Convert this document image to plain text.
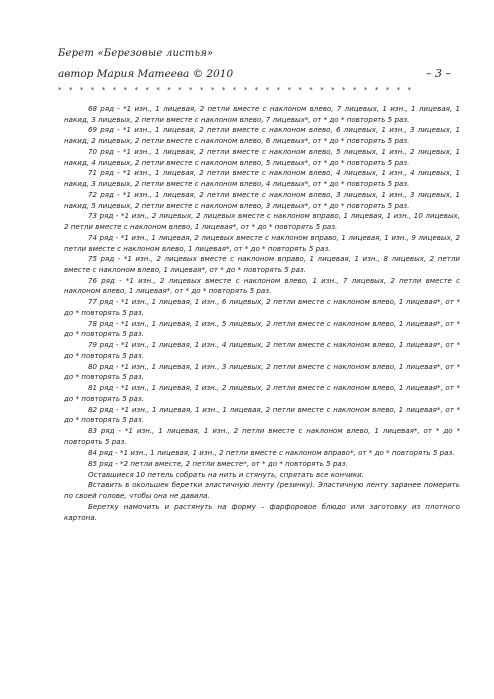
Берет «Березовые листья»
автор Мария Матеева © 2010	– 3 –
* * * * * * * * * * * * * * * * * * * * * * * * * * * * * * * * *

68 ряд - *1 изн., 1 лицевая, 2 петли вместе с наклоном влево, 7 лицевых, 1 изн., 1 лицевая, 1 накид, 3 лицевых, 2 петли вместе с наклоном влево, 7 лицевых*, от * до * повторять 5 раз.

69 ряд - *1 изн., 1 лицевая, 2 петли вместе с наклоном влево, 6 лицевых, 1 изн., 3 лицевых, 1 накид, 2 лицевых, 2 петли вместе с наклоном влево, 6 лицевых*, от * до * повторять 5 раз.

70 ряд - *1 изн., 1 лицевая, 2 петли вместе с наклоном влево, 5 лицевых, 1 изн., 2 лицевых, 1 накид, 4 лицевых, 2 петли вместе с наклоном влево, 5 лицевых*, от * до * повторять 5 раз.

71 ряд - *1 изн., 1 лицевая, 2 петли вместе с наклоном влево, 4 лицевых, 1 изн., 4 лицевых, 1 накид, 3 лицевых, 2 петли вместе с наклоном влево, 4 лицевых*, от * до * повторять 5 раз.

72 ряд - *1 изн., 1 лицевая, 2 петли вместе с наклоном влево, 3 лицевых, 1 изн., 3 лицевых, 1 накид, 5 лицевых, 2 петли вместе с наклоном влево, 3 лицевых*, от * до * повторять 5 раз.

73 ряд - *1 изн., 2 лицевых, 2 лицевых вместе с наклоном вправо, 1 лицевая, 1 изн., 10 лицевых, 2 петли вместе с наклоном влево, 1 лицевая*, от * до * повторять 5 раз.

74 ряд - *1 изн., 1 лицевая, 2 лицевых вместе с наклоном вправо, 1 лицевая, 1 изн., 9 лицевых, 2 петли вместе с наклоном влево, 1 лицевая*, от * до * повторять 5 раз.

75 ряд - *1 изн., 2 лицевых вместе с наклоном вправо, 1 лицевая, 1 изн., 8 лицевых, 2 петли вместе с наклоном влево, 1 лицевая*, от * до * повторять 5 раз.

76 ряд - *1 изн., 2 лицевых вместе с наклоном влево, 1 изн., 7 лицевых, 2 петли вместе с наклоном влево, 1 лицевая*, от * до * повторять 5 раз.

77 ряд - *1 изн., 1 лицевая, 1 изн., 6 лицевых, 2 петли вместе с наклоном влево, 1 лицевая*, от * до * повторять 5 раз.

78 ряд - *1 изн., 1 лицевая, 1 изн., 5 лицевых, 2 петли вместе с наклоном влево, 1 лицевая*, от * до * повторять 5 раз.

79 ряд - *1 изн., 1 лицевая, 1 изн., 4 лицевых, 2 петли вместе с наклоном влево, 1 лицевая*, от * до * повторять 5 раз.

80 ряд - *1 изн., 1 лицевая, 1 изн., 3 лицевых, 2 петли вместе с наклоном влево, 1 лицевая*, от * до * повторять 5 раз.

81 ряд - *1 изн., 1 лицевая, 1 изн., 2 лицевых, 2 петли вместе с наклоном влево, 1 лицевая*, от * до * повторять 5 раз.

82 ряд - *1 изн., 1 лицевая, 1 изн., 1 лицевая, 2 петли вместе с наклоном влево, 1 лицевая*, от * до * повторять 5 раз.

83 ряд - *1 изн., 1 лицевая, 1 изн., 2 петли вместе с наклоном влево, 1 лицевая*, от * до * повторять 5 раз.

84 ряд - *1 изн., 1 лицевая, 1 изн., 2 петли вместе с наклоном вправо*, от * до * повторять 5 раз.

85 ряд - *2 петли вместе, 2 петли вместе*, от * до * повторять 5 раз.

Оставшиеся 10 петель собрать на нить и стянуть, спрятать все кончики.

Вставить в окольшек беретки эластичную ленту (резинку). Эластичную ленту заранее померить по своей голове, чтобы она не давила.

Беретку намочить и растянуть на форму – фарфоровое блюдо или заготовку из плотного картона.
